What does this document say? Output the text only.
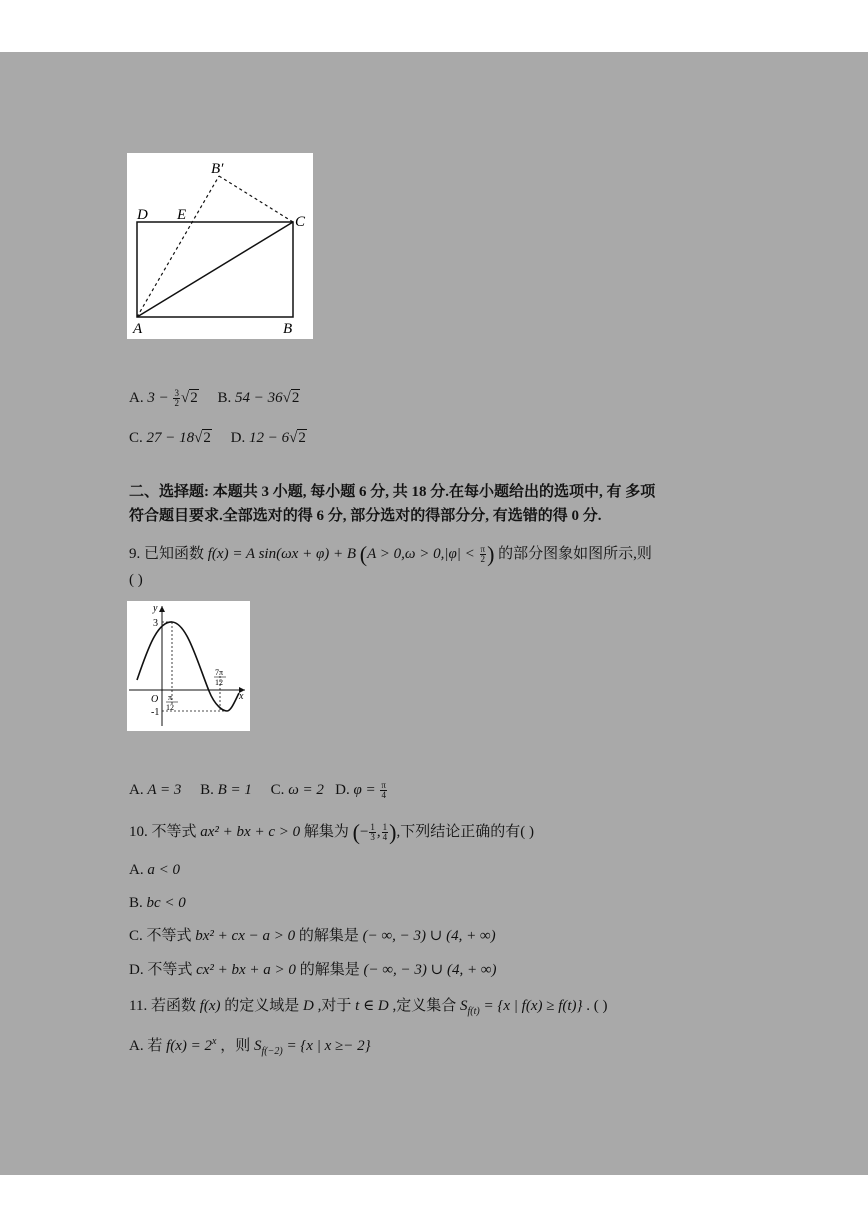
B′
D E	C
A	B
A. $3 - \frac{3}{2} √2$ B. 54 − 36√2
C. 27 − 18√2 D. 12 − 6√2
二、选择题: 本题共 3 小题, 每小题 6 分, 共 18 分.在每小题给出的选项中, 有 多项
符合题目要求.全部选对的得 6 分, 部分选对的得部分分, 有选错的得 0 分.
9. 已知函数 f(x) = A sin(ωx + φ) + B ($A > 0,\omega > 0,|\varphi| < \frac{\pi}{2}$ ) 的部分图象如图所示,则
( )
y
x
O
3
-1
π
12
7π
12
A. A = 3 B. B = 1 C. ω = 2 D. $\varphi = \frac{\pi}{4}$
10. 不等式 ax² + bx + c > 0 解集为 (− $\frac{1}{3}$ , $\frac{1}{4}$ ),下列结论正确的有( )
A. a < 0
B. bc < 0
C. 不等式 bx² + cx − a > 0 的解集是 (− ∞, − 3) ∪ (4, + ∞)
D. 不等式 cx² + bx + a > 0 的解集是 (− ∞, − 3) ∪ (4, + ∞)
11. 若函数 f(x) 的定义域是 D ,对于 t ∈ D ,定义集合 $S_{f(t)} = \{x$ | f(x) ≥ f(t)} . ( )
A. 若 $f(x) = 2^x$ ，则 $S_{f(-2)} = \{x$ | x ≥− 2}
